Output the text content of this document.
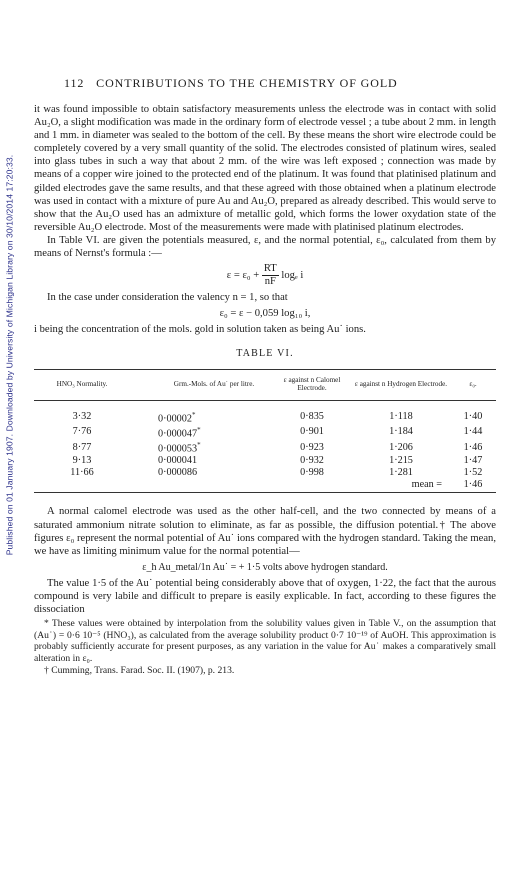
Published on 01 January 1907. Downloaded by University of Michigan Library on 30/10/2014 17:20:33.
112 CONTRIBUTIONS TO THE CHEMISTRY OF GOLD

it was found impossible to obtain satisfactory measurements unless the electrode was in contact with solid Au₂O, a slight modification was made in the ordinary form of electrode vessel ; a tube about 2 mm. in length and 1 mm. in diameter was sealed to the bottom of the cell. By these means the short wire electrode could be completely covered by a very small quantity of the solid. The electrodes consisted of platinum wires, sealed into glass tubes in such a way that about 2 mm. of the wire was left exposed ; connection was made by means of a copper wire joined to the protected end of the platinum. It was found that platinised platinum and gilded electrodes gave the same results, and that these agreed with those obtained when a platinum electrode was used in contact with a mixture of pure Au and Au₂O, prepared as already described. This would serve to show that the Au₂O used has an admixture of metallic gold, which forms the lower oxydation state of the reversible Au₂O electrode. Most of the measurements were made with platinised platinum electrodes.

In Table VI. are given the potentials measured, ε, and the normal potential, ε₀, calculated from them by means of Nernst's formula :—

$\varepsilon = \varepsilon_0 + \frac{RT}{nF}$ logₑ i

In the case under consideration the valency n = 1, so that

ε₀ = ε − 0,059 log₁₀ i,

i being the concentration of the mols. gold in solution taken as being Au˙ ions.

TABLE VI.
HNO₃ Normality.	Grm.-Mols. of Au˙ per litre.	ε against n Calomel Electrode.	ε against n Hydrogen Electrode.	ε₀.
3·32	0·00002*	0·835	1·118	1·40
7·76	0·000047*	0·901	1·184	1·44
8·77	0·000053*	0·923	1·206	1·46
9·13	0·000041	0·932	1·215	1·47
11·66	0·000086	0·998	1·281	1·52
mean =				1·46

A normal calomel electrode was used as the other half-cell, and the two connected by means of a saturated ammonium nitrate solution to eliminate, as far as possible, the diffusion potential.† The above figures ε₀ represent the normal potential of Au˙ ions compared with the hydrogen standard. Taking the mean, we have as limiting minimum value for the normal potential—

ε_h Au_metal/1n Au˙ = + 1·5 volts above hydrogen standard.

The value 1·5 of the Au˙ potential being considerably above that of oxygen, 1·22, the fact that the aurous compound is very labile and difficult to prepare is easily explicable. In fact, according to these figures the dissociation

* These values were obtained by interpolation from the solubility values given in Table V., on the assumption that (Au˙) = 0·6 10⁻⁵ (HNO₃), as calculated from the average solubility product 0·7 10⁻¹⁹ of AuOH. This approximation is probably sufficiently accurate for present purposes, as any variation in the value for Au˙ makes a comparatively small alteration in ε₀.

† Cumming, Trans. Farad. Soc. II. (1907), p. 213.
